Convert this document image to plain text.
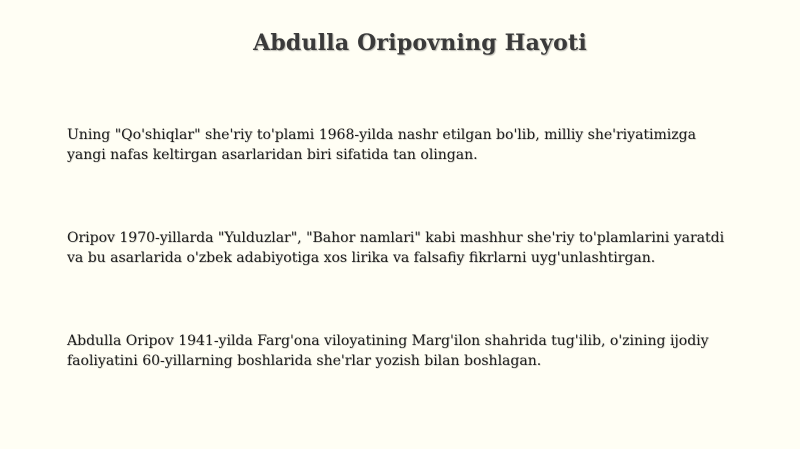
Abdulla Oripovning Hayoti
Uning "Qo'shiqlar" she'riy to'plami 1968-yilda nashr etilgan bo'lib, milliy she'riyatimizga
yangi nafas keltirgan asarlaridan biri sifatida tan olingan.
Oripov 1970-yillarda "Yulduzlar", "Bahor namlari" kabi mashhur she'riy to'plamlarini yaratdi
va bu asarlarida o'zbek adabiyotiga xos lirika va falsafiy fikrlarni uyg'unlashtirgan.
Abdulla Oripov 1941-yilda Farg'ona viloyatining Marg'ilon shahrida tug'ilib, o'zining ijodiy
faoliyatini 60-yillarning boshlarida she'rlar yozish bilan boshlagan.
